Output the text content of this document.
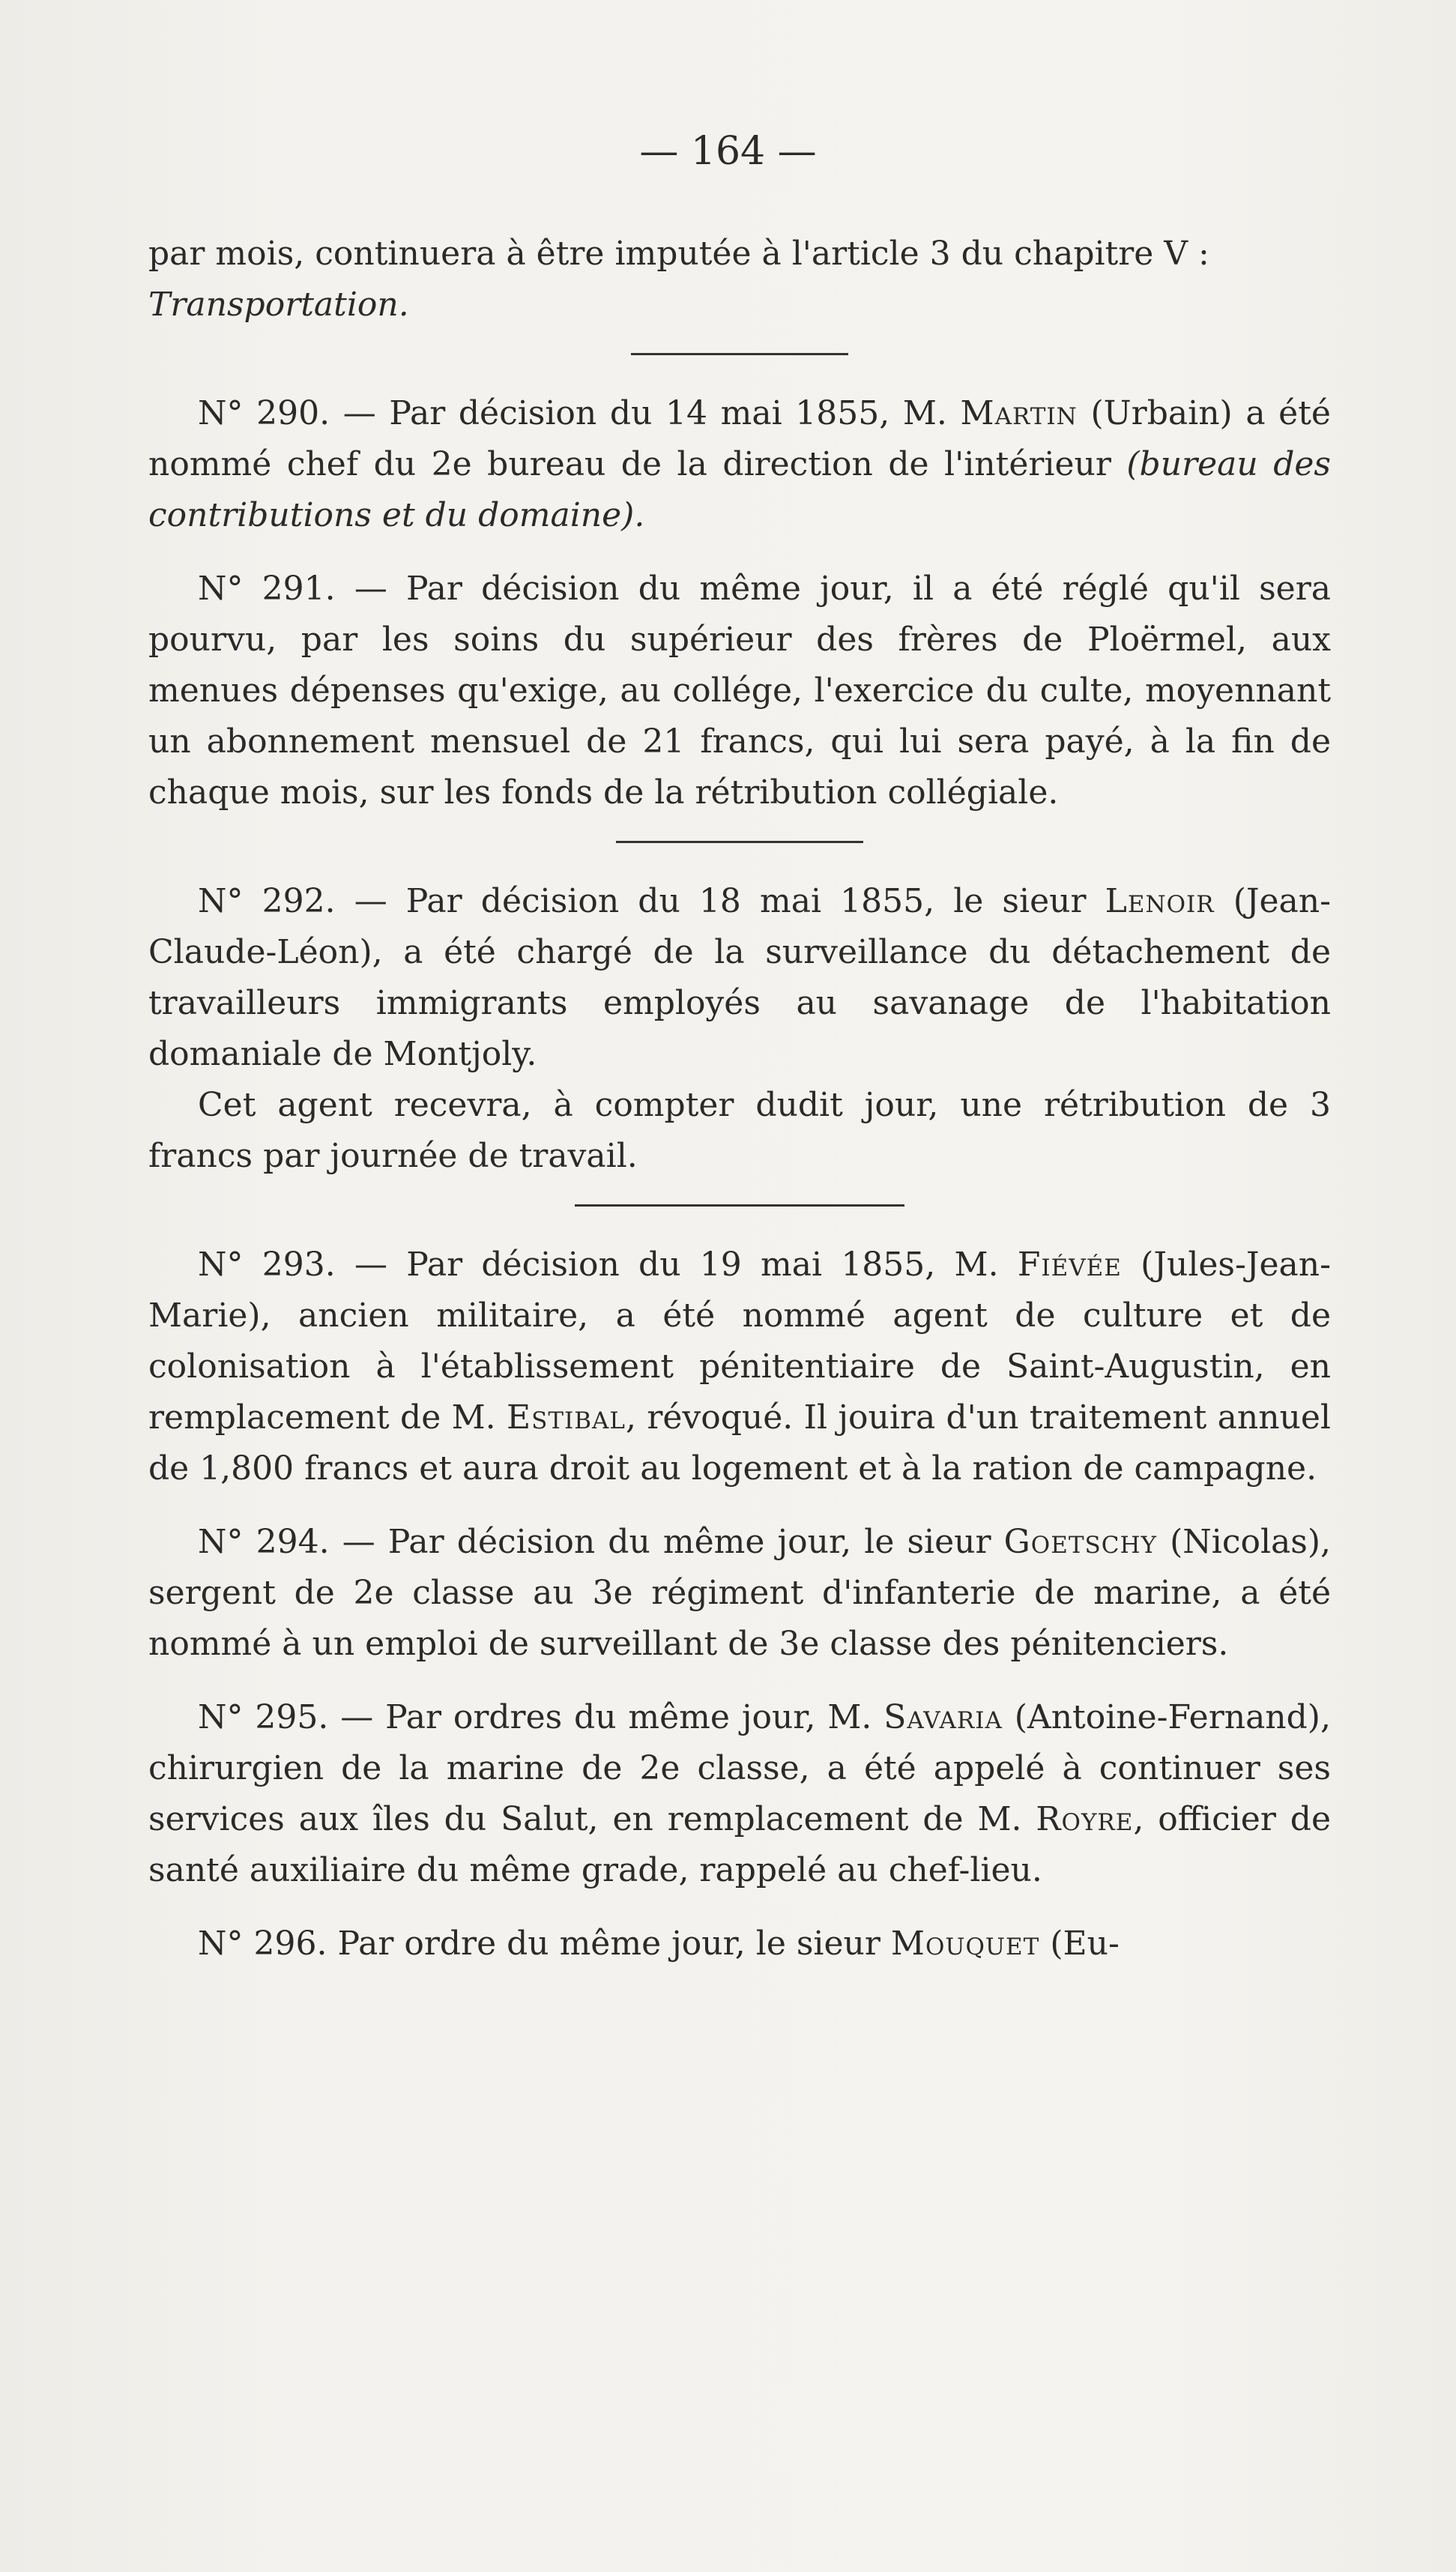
— 164 —

par mois, continuera à être imputée à l'article 3 du chapitre V :
Transportation.

N° 290. — Par décision du 14 mai 1855, M. Martin (Urbain) a été nommé chef du 2e bureau de la direction de l'intérieur (bureau des contributions et du domaine).

N° 291. — Par décision du même jour, il a été réglé qu'il sera pourvu, par les soins du supérieur des frères de Ploërmel, aux menues dépenses qu'exige, au collége, l'exercice du culte, moyennant un abonnement mensuel de 21 francs, qui lui sera payé, à la fin de chaque mois, sur les fonds de la rétribution collégiale.

N° 292. — Par décision du 18 mai 1855, le sieur Lenoir (Jean-Claude-Léon), a été chargé de la surveillance du détachement de travailleurs immigrants employés au savanage de l'habitation domaniale de Montjoly.

Cet agent recevra, à compter dudit jour, une rétribution de 3 francs par journée de travail.

N° 293. — Par décision du 19 mai 1855, M. Fiévée (Jules-Jean-Marie), ancien militaire, a été nommé agent de culture et de colonisation à l'établissement pénitentiaire de Saint-Augustin, en remplacement de M. Estibal, révoqué. Il jouira d'un traitement annuel de 1,800 francs et aura droit au logement et à la ration de campagne.

N° 294. — Par décision du même jour, le sieur Goetschy (Nicolas), sergent de 2e classe au 3e régiment d'infanterie de marine, a été nommé à un emploi de surveillant de 3e classe des pénitenciers.

N° 295. — Par ordres du même jour, M. Savaria (Antoine-Fernand), chirurgien de la marine de 2e classe, a été appelé à continuer ses services aux îles du Salut, en remplacement de M. Royre, officier de santé auxiliaire du même grade, rappelé au chef-lieu.

N° 296. Par ordre du même jour, le sieur Mouquet (Eu-
